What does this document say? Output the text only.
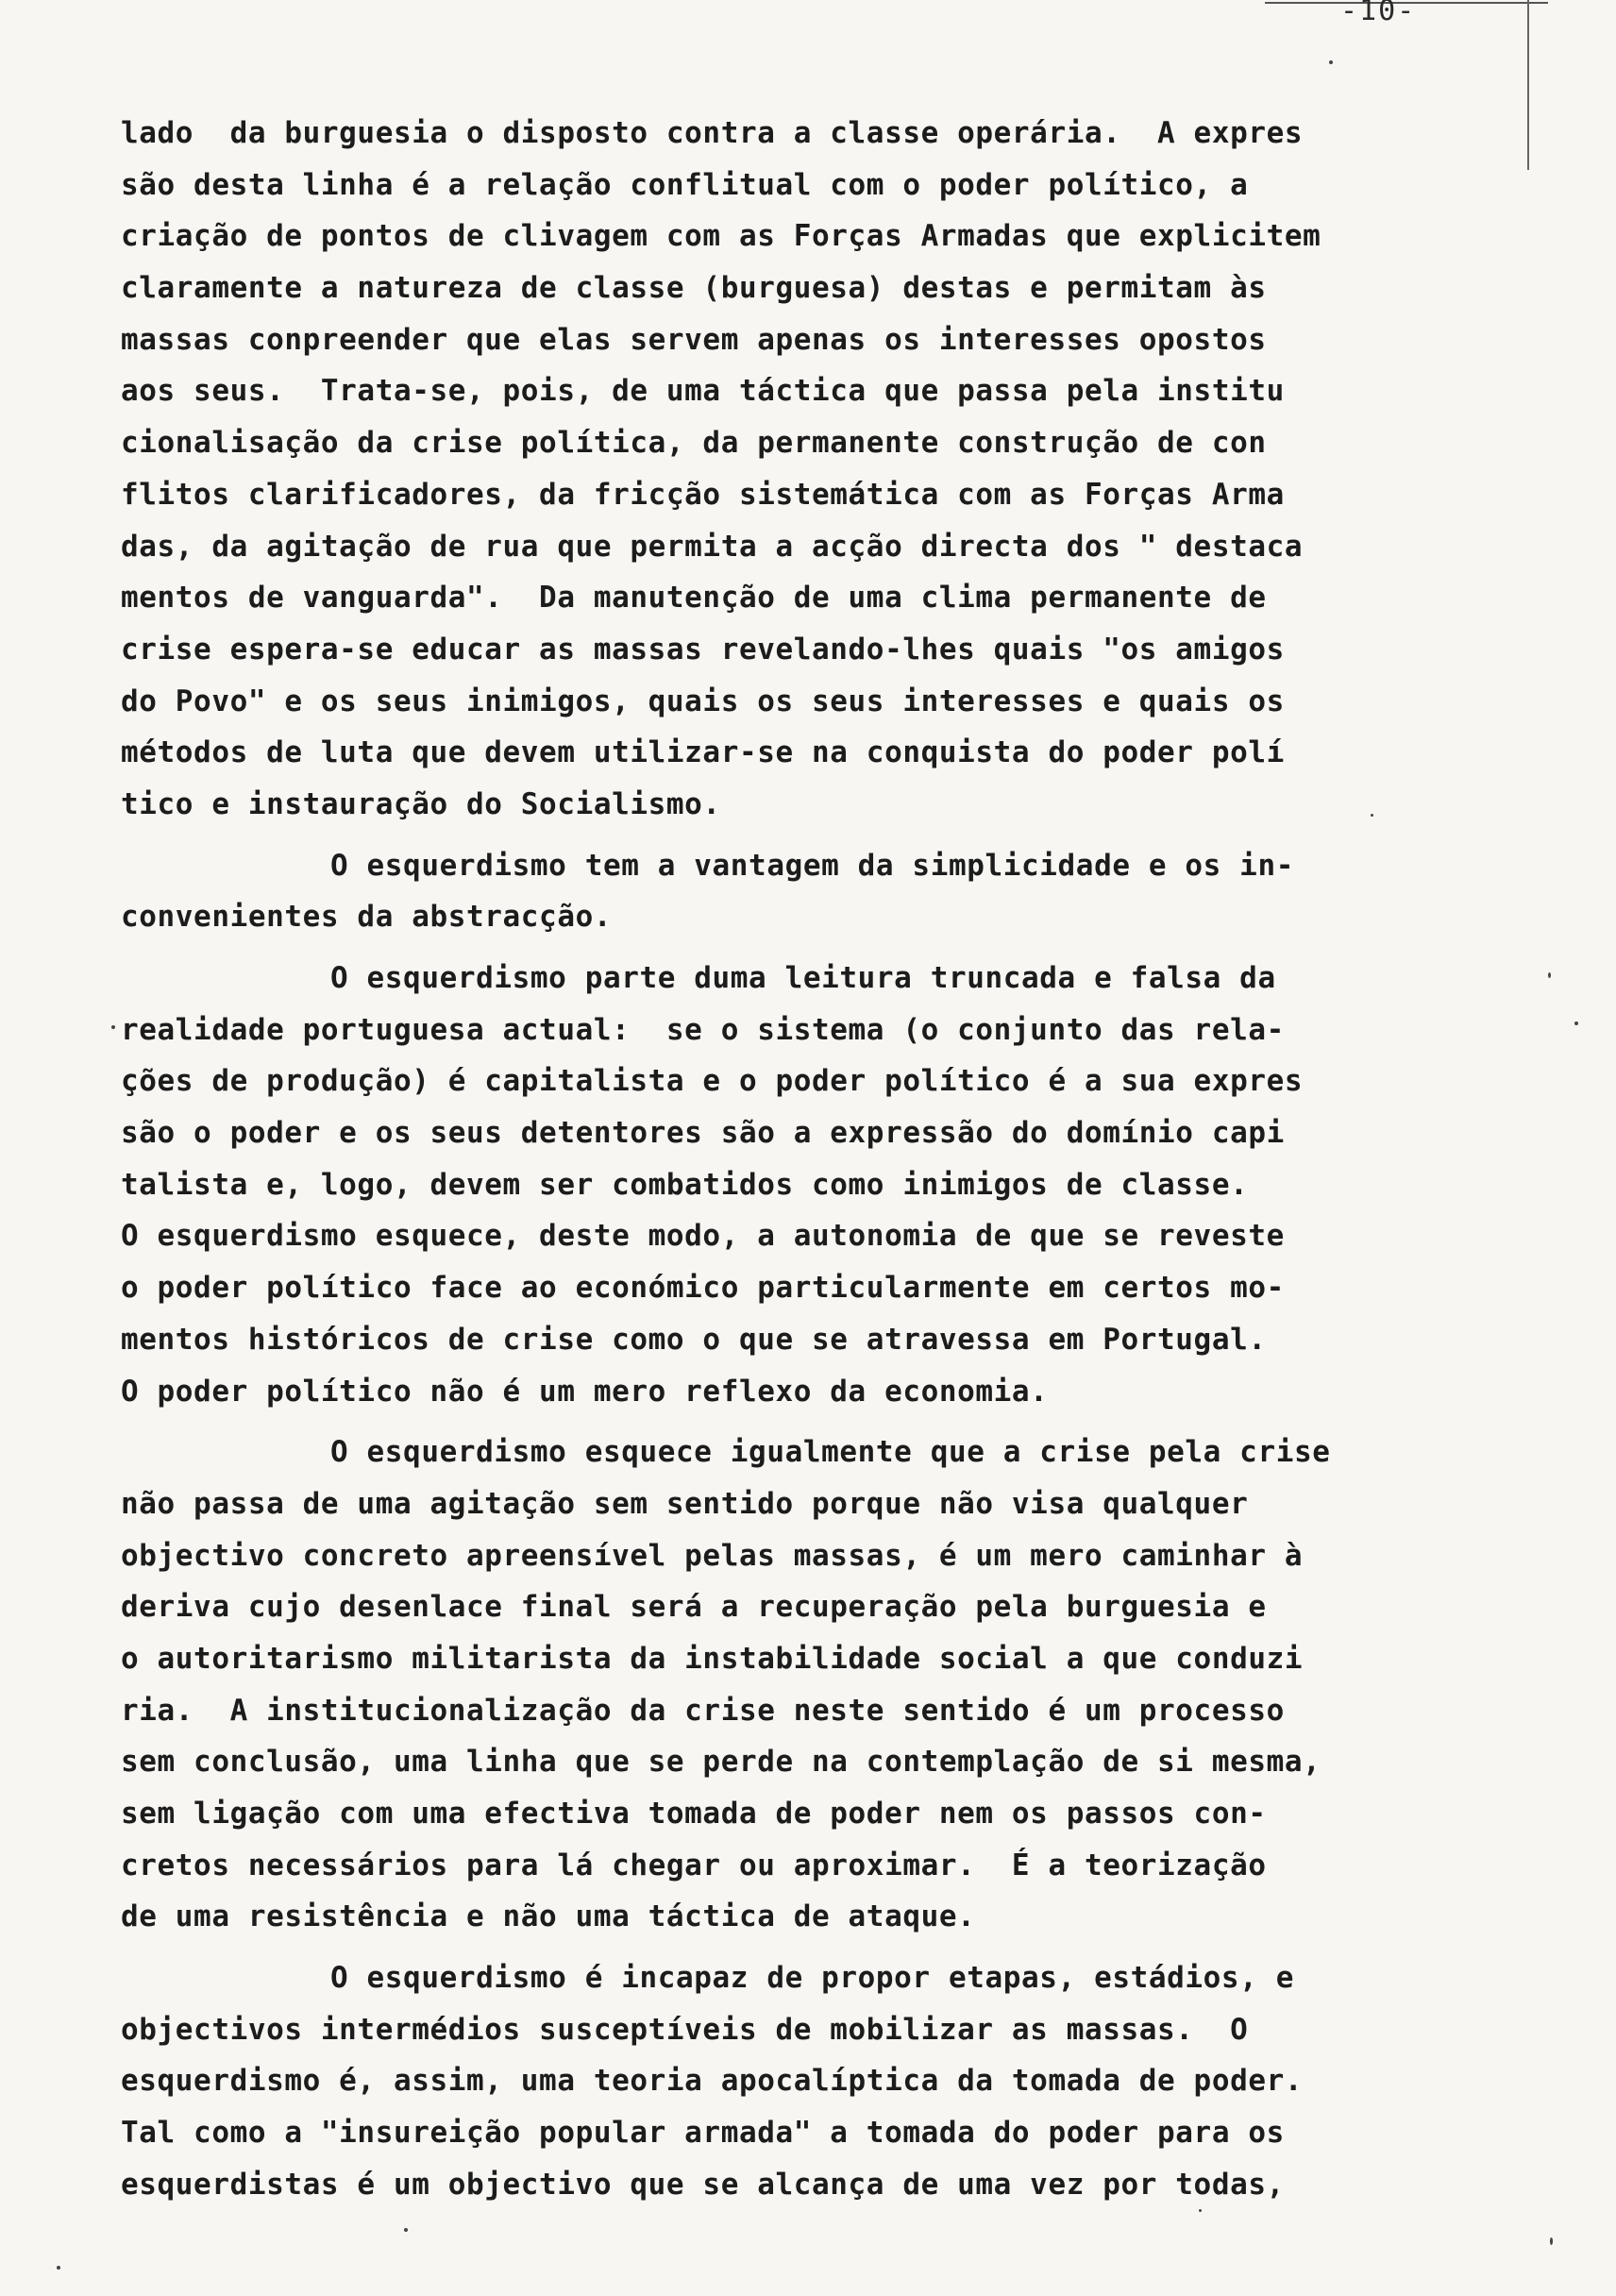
-10-
lado  da burguesia o disposto contra a classe operária.  A expres
são desta linha é a relação conflitual com o poder político, a
criação de pontos de clivagem com as Forças Armadas que explicitem
claramente a natureza de classe (burguesa) destas e permitam às
massas conpreender que elas servem apenas os interesses opostos
aos seus.  Trata-se, pois, de uma táctica que passa pela institu
cionalisação da crise política, da permanente construção de con
flitos clarificadores, da fricção sistemática com as Forças Arma
das, da agitação de rua que permita a acção directa dos " destaca
mentos de vanguarda".  Da manutenção de uma clima permanente de
crise espera-se educar as massas revelando-lhes quais "os amigos
do Povo" e os seus inimigos, quais os seus interesses e quais os
métodos de luta que devem utilizar-se na conquista do poder polí
tico e instauração do Socialismo.
O esquerdismo tem a vantagem da simplicidade e os in-
convenientes da abstracção.
O esquerdismo parte duma leitura truncada e falsa da
realidade portuguesa actual:  se o sistema (o conjunto das rela-
ções de produção) é capitalista e o poder político é a sua expres
são o poder e os seus detentores são a expressão do domínio capi
talista e, logo, devem ser combatidos como inimigos de classe.
O esquerdismo esquece, deste modo, a autonomia de que se reveste
o poder político face ao económico particularmente em certos mo-
mentos históricos de crise como o que se atravessa em Portugal.
O poder político não é um mero reflexo da economia.
O esquerdismo esquece igualmente que a crise pela crise
não passa de uma agitação sem sentido porque não visa qualquer
objectivo concreto apreensível pelas massas, é um mero caminhar à
deriva cujo desenlace final será a recuperação pela burguesia e
o autoritarismo militarista da instabilidade social a que conduzi
ria.  A institucionalização da crise neste sentido é um processo
sem conclusão, uma linha que se perde na contemplação de si mesma,
sem ligação com uma efectiva tomada de poder nem os passos con-
cretos necessários para lá chegar ou aproximar.  É a teorização
de uma resistência e não uma táctica de ataque.
O esquerdismo é incapaz de propor etapas, estádios, e
objectivos intermédios susceptíveis de mobilizar as massas.  O
esquerdismo é, assim, uma teoria apocalíptica da tomada de poder.
Tal como a "insureição popular armada" a tomada do poder para os
esquerdistas é um objectivo que se alcança de uma vez por todas,
